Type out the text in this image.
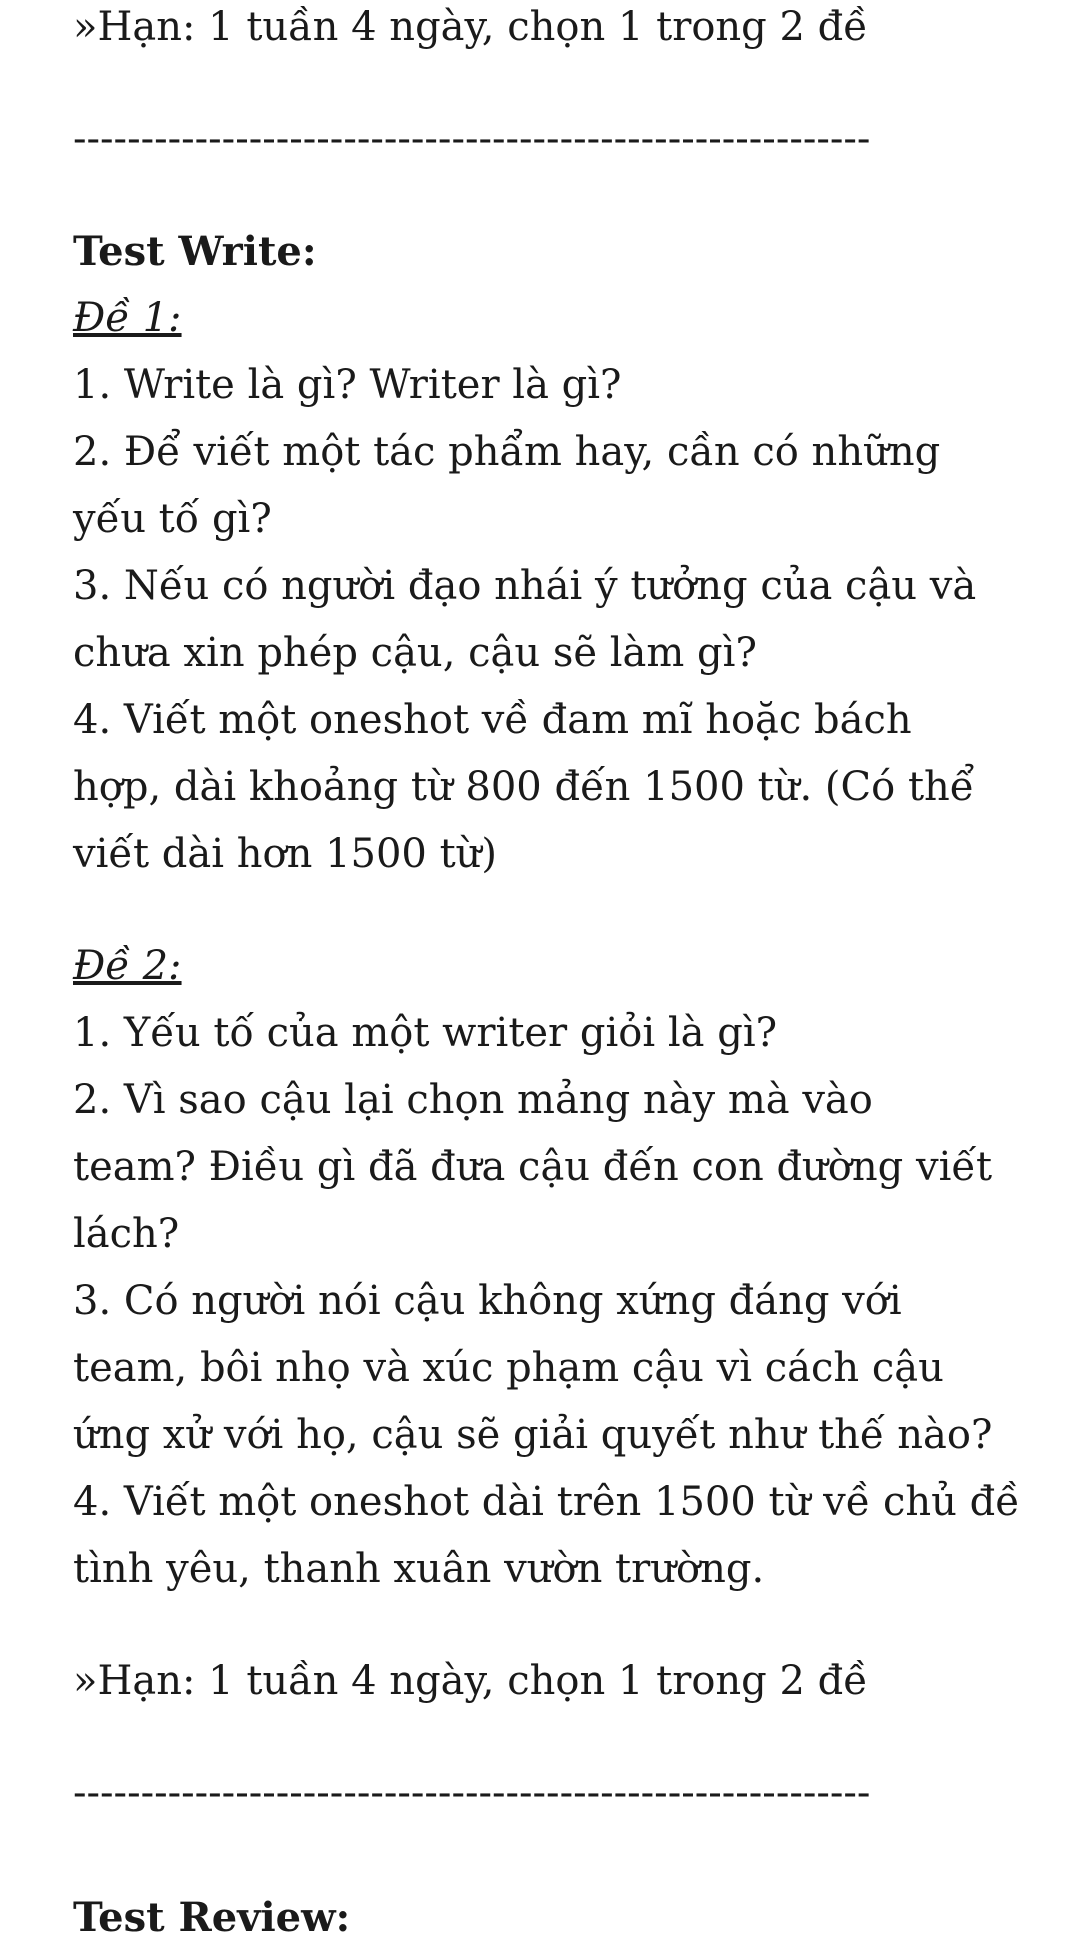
»Hạn: 1 tuần 4 ngày, chọn 1 trong 2 đề
-----------------------------------------------------------
Test Write:
Đề 1:
1. Write là gì? Writer là gì?
2. Để viết một tác phẩm hay, cần có những
yếu tố gì?
3. Nếu có người đạo nhái ý tưởng của cậu và
chưa xin phép cậu, cậu sẽ làm gì?
4. Viết một oneshot về đam mĩ hoặc bách
hợp, dài khoảng từ 800 đến 1500 từ. (Có thể
viết dài hơn 1500 từ)
Đề 2:
1. Yếu tố của một writer giỏi là gì?
2. Vì sao cậu lại chọn mảng này mà vào
team? Điều gì đã đưa cậu đến con đường viết
lách?
3. Có người nói cậu không xứng đáng với
team, bôi nhọ và xúc phạm cậu vì cách cậu
ứng xử với họ, cậu sẽ giải quyết như thế nào?
4. Viết một oneshot dài trên 1500 từ về chủ đề
tình yêu, thanh xuân vườn trường.
»Hạn: 1 tuần 4 ngày, chọn 1 trong 2 đề
-----------------------------------------------------------
Test Review:
